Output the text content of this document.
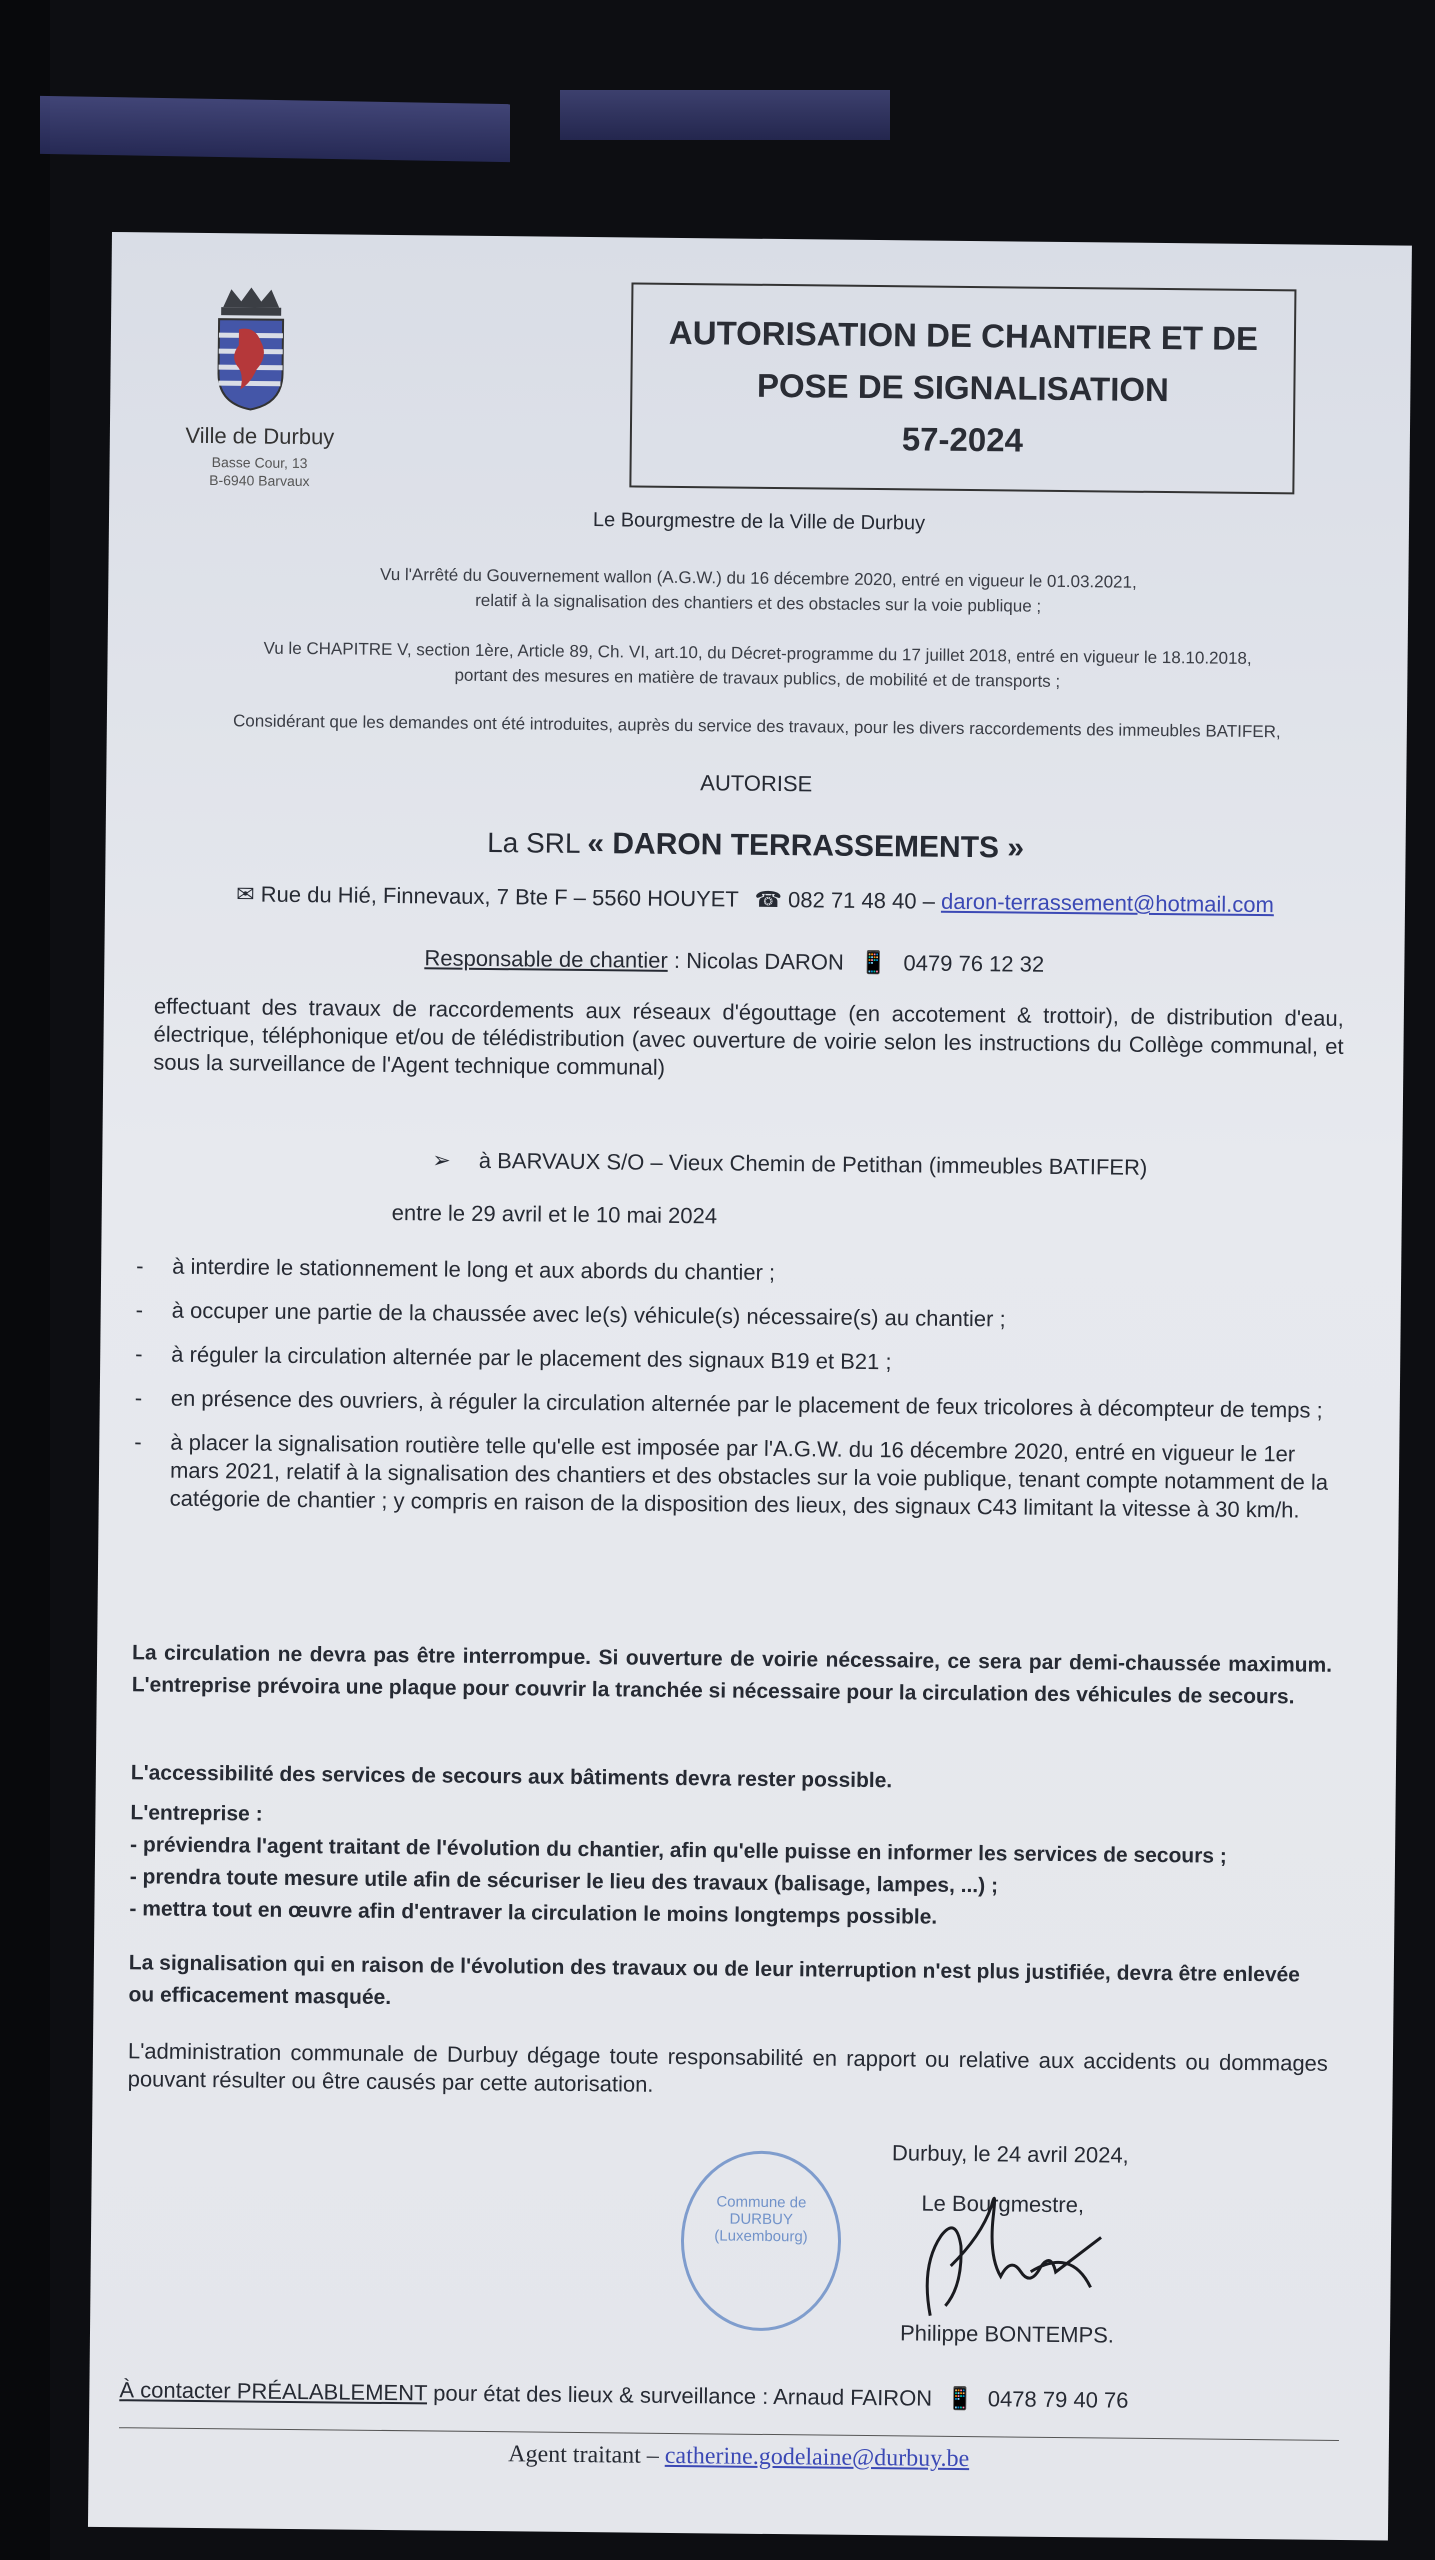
Ville de Durbuy
Basse Cour, 13
B-6940 Barvaux
AUTORISATION DE CHANTIER ET DE
POSE DE SIGNALISATION
57-2024
Le Bourgmestre de la Ville de Durbuy
Vu l'Arrêté du Gouvernement wallon (A.G.W.) du 16 décembre 2020, entré en vigueur le 01.03.2021,
relatif à la signalisation des chantiers et des obstacles sur la voie publique ;
Vu le CHAPITRE V, section 1ère, Article 89, Ch. VI, art.10, du Décret-programme du 17 juillet 2018, entré en vigueur le 18.10.2018,
portant des mesures en matière de travaux publics, de mobilité et de transports ;
Considérant que les demandes ont été introduites, auprès du service des travaux, pour les divers raccordements des immeubles BATIFER,
AUTORISE
La SRL « DARON TERRASSEMENTS »
✉ Rue du Hié, Finnevaux, 7 Bte F – 5560 HOUYET ☎ 082 71 48 40 – daron-terrassement@hotmail.com
Responsable de chantier : Nicolas DARON 📱 0479 76 12 32
effectuant des travaux de raccordements aux réseaux d'égouttage (en accotement & trottoir), de distribution d'eau, électrique, téléphonique et/ou de télédistribution (avec ouverture de voirie selon les instructions du Collège communal, et sous la surveillance de l'Agent technique communal)
➢ à BARVAUX S/O – Vieux Chemin de Petithan (immeubles BATIFER)
entre le 29 avril et le 10 mai 2024
- à interdire le stationnement le long et aux abords du chantier ;
- à occuper une partie de la chaussée avec le(s) véhicule(s) nécessaire(s) au chantier ;
- à réguler la circulation alternée par le placement des signaux B19 et B21 ;
- en présence des ouvriers, à réguler la circulation alternée par le placement de feux tricolores à décompteur de temps ;
- à placer la signalisation routière telle qu'elle est imposée par l'A.G.W. du 16 décembre 2020, entré en vigueur le 1er mars 2021, relatif à la signalisation des chantiers et des obstacles sur la voie publique, tenant compte notamment de la catégorie de chantier ; y compris en raison de la disposition des lieux, des signaux C43 limitant la vitesse à 30 km/h.
La circulation ne devra pas être interrompue. Si ouverture de voirie nécessaire, ce sera par demi-chaussée maximum. L'entreprise prévoira une plaque pour couvrir la tranchée si nécessaire pour la circulation des véhicules de secours.
L'accessibilité des services de secours aux bâtiments devra rester possible.
L'entreprise :
- préviendra l'agent traitant de l'évolution du chantier, afin qu'elle puisse en informer les services de secours ;
- prendra toute mesure utile afin de sécuriser le lieu des travaux (balisage, lampes, ...) ;
- mettra tout en œuvre afin d'entraver la circulation le moins longtemps possible.
La signalisation qui en raison de l'évolution des travaux ou de leur interruption n'est plus justifiée, devra être enlevée ou efficacement masquée.
L'administration communale de Durbuy dégage toute responsabilité en rapport ou relative aux accidents ou dommages pouvant résulter ou être causés par cette autorisation.
Durbuy, le 24 avril 2024,
Le Bourgmestre,
Commune de DURBUY (Luxembourg)
Philippe BONTEMPS.
À contacter PRÉALABLEMENT pour état des lieux & surveillance : Arnaud FAIRON 📱 0478 79 40 76
Agent traitant – catherine.godelaine@durbuy.be
